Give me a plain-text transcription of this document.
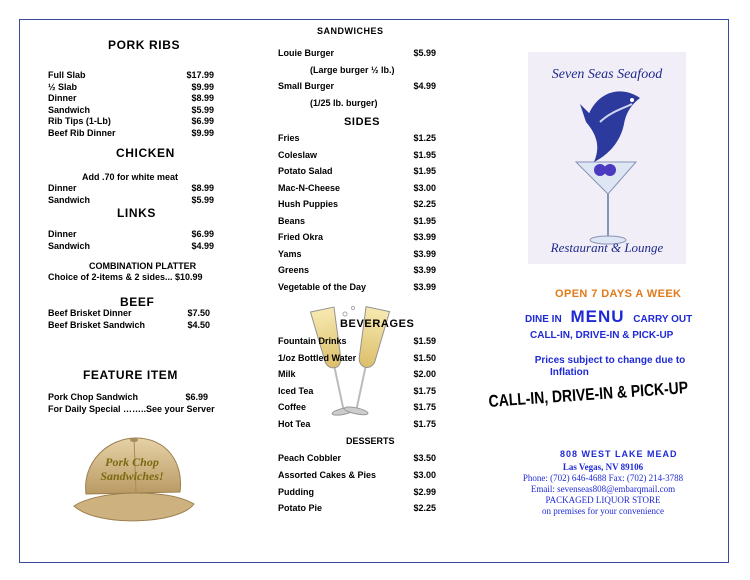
PORK RIBS
Full Slab	$17.99
½ Slab	$9.99
Dinner	$8.99
Sandwich	$5.99
Rib Tips (1-Lb)	$6.99
Beef Rib Dinner	$9.99
CHICKEN
Add .70 for white meat
Dinner	$8.99
Sandwich	$5.99
LINKS
Dinner	$6.99
Sandwich	$4.99
COMBINATION PLATTER
Choice of 2-items & 2 sides... $10.99
BEEF
Beef Brisket Dinner	$7.50
Beef Brisket Sandwich	$4.50
FEATURE ITEM
Pork Chop Sandwich	$6.99
For Daily Special ……..See your Server
Pork Chop
Sandwiches!
SANDWICHES
Louie Burger	$5.99
(Large burger ½ lb.)
Small Burger	$4.99
(1/25 lb. burger)
SIDES
Fries	$1.25
Coleslaw	$1.95
Potato Salad	$1.95
Mac-N-Cheese	$3.00
Hush Puppies	$2.25
Beans	$1.95
Fried Okra	$3.99
Yams	$3.99
Greens	$3.99
Vegetable of the Day	$3.99
BEVERAGES
Fountain Drinks	$1.59
1/oz Bottled Water	$1.50
Milk	$2.00
Iced Tea	$1.75
Coffee	$1.75
Hot Tea	$1.75
DESSERTS
Peach Cobbler	$3.50
Assorted Cakes & Pies	$3.00
Pudding	$2.99
Potato Pie	$2.25
Seven Seas Seafood
Restaurant & Lounge
OPEN 7 DAYS A WEEK
DINE IN MENU CARRY OUT
CALL-IN, DRIVE-IN & PICK-UP
Prices subject to change due to
Inflation
CALL-IN, DRIVE-IN & PICK-UP
808 WEST LAKE MEAD
Las Vegas, NV 89106
Phone: (702) 646-4688 Fax: (702) 214-3788
Email: sevenseas808@embarqmail.com
PACKAGED LIQUOR STORE
on premises for your convenience
